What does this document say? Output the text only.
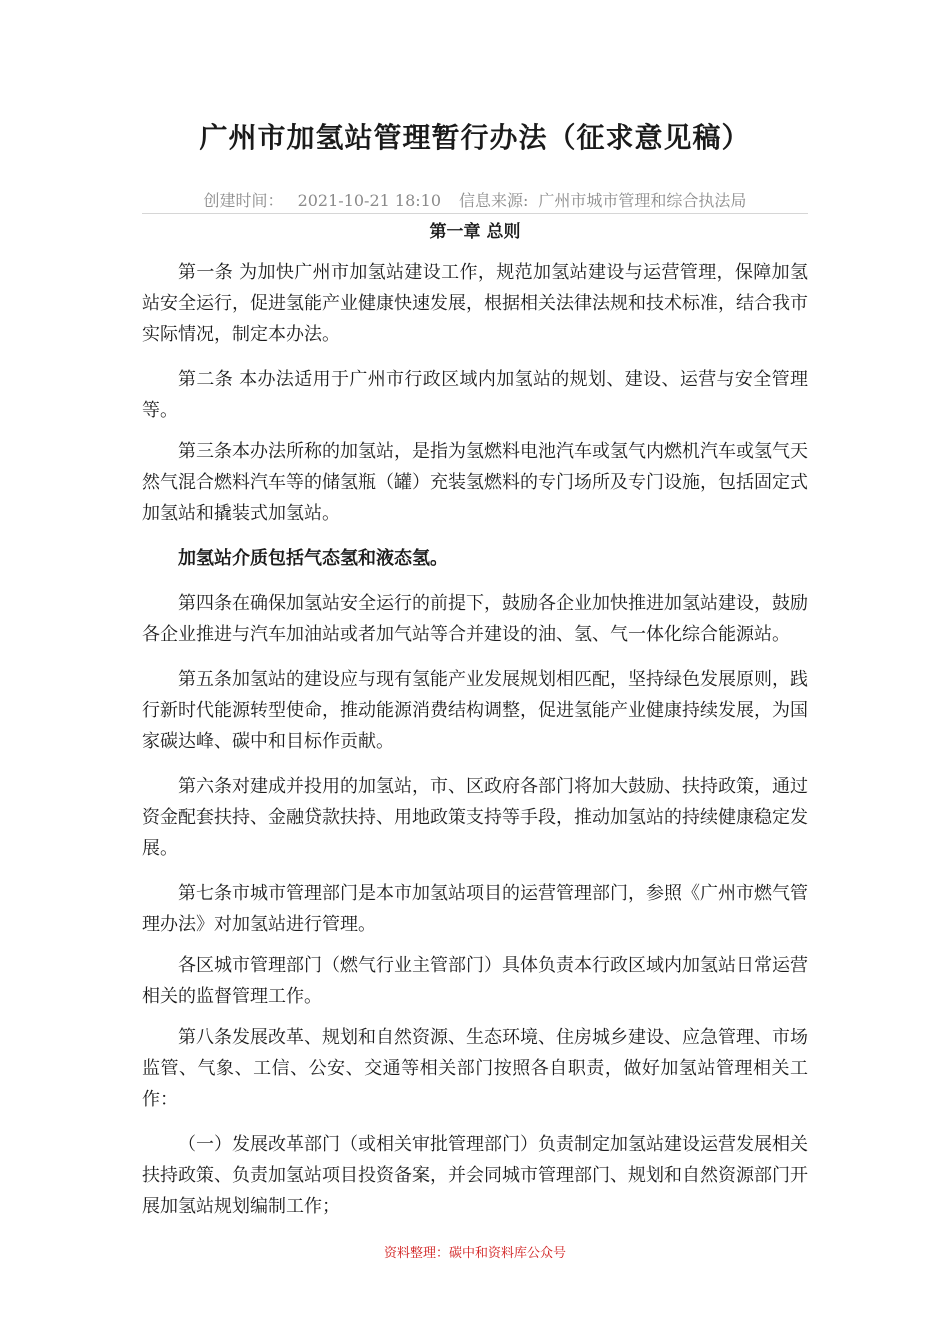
广州市加氢站管理暂行办法（征求意见稿）
创建时间： 2021-10-21 18:10 信息来源: 广州市城市管理和综合执法局
第一章 总则

第一条 为加快广州市加氢站建设工作，规范加氢站建设与运营管理，保障加氢站安全运行，促进氢能产业健康快速发展，根据相关法律法规和技术标准，结合我市实际情况，制定本办法。

第二条 本办法适用于广州市行政区域内加氢站的规划、建设、运营与安全管理等。

第三条本办法所称的加氢站，是指为氢燃料电池汽车或氢气内燃机汽车或氢气天然气混合燃料汽车等的储氢瓶（罐）充装氢燃料的专门场所及专门设施，包括固定式加氢站和撬装式加氢站。

加氢站介质包括气态氢和液态氢。

第四条在确保加氢站安全运行的前提下，鼓励各企业加快推进加氢站建设，鼓励各企业推进与汽车加油站或者加气站等合并建设的油、氢、气一体化综合能源站。

第五条加氢站的建设应与现有氢能产业发展规划相匹配，坚持绿色发展原则，践行新时代能源转型使命，推动能源消费结构调整，促进氢能产业健康持续发展，为国家碳达峰、碳中和目标作贡献。

第六条对建成并投用的加氢站，市、区政府各部门将加大鼓励、扶持政策，通过资金配套扶持、金融贷款扶持、用地政策支持等手段，推动加氢站的持续健康稳定发展。

第七条市城市管理部门是本市加氢站项目的运营管理部门，参照《广州市燃气管理办法》对加氢站进行管理。

各区城市管理部门（燃气行业主管部门）具体负责本行政区域内加氢站日常运营相关的监督管理工作。

第八条发展改革、规划和自然资源、生态环境、住房城乡建设、应急管理、市场监管、气象、工信、公安、交通等相关部门按照各自职责，做好加氢站管理相关工作：

（一）发展改革部门（或相关审批管理部门）负责制定加氢站建设运营发展相关扶持政策、负责加氢站项目投资备案，并会同城市管理部门、规划和自然资源部门开展加氢站规划编制工作；

资料整理：碳中和资料库公众号
